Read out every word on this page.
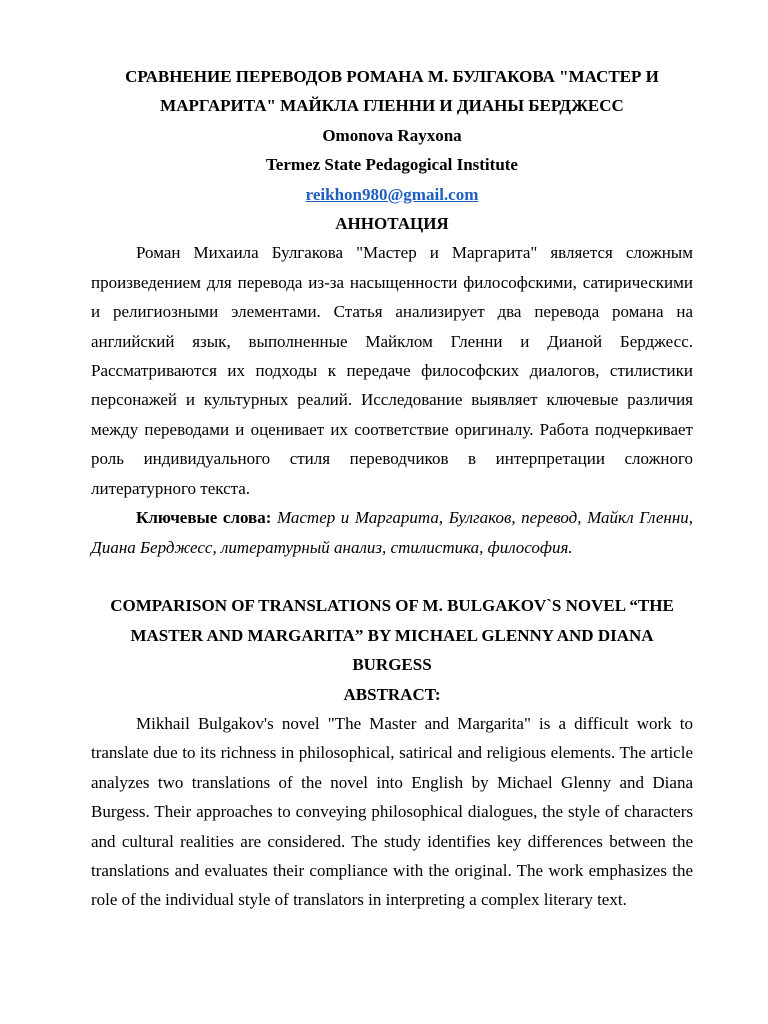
СРАВНЕНИЕ ПЕРЕВОДОВ РОМАНА М. БУЛГАКОВА "МАСТЕР И МАРГАРИТА" МАЙКЛА ГЛЕННИ И ДИАНЫ БЕРДЖЕСС

Omonova Rayxona

Termez State Pedagogical Institute

reikhon980@gmail.com

АННОТАЦИЯ

Роман Михаила Булгакова "Мастер и Маргарита" является сложным произведением для перевода из-за насыщенности философскими, сатирическими и религиозными элементами. Статья анализирует два перевода романа на английский язык, выполненные Майклом Гленни и Дианой Берджесс. Рассматриваются их подходы к передаче философских диалогов, стилистики персонажей и культурных реалий. Исследование выявляет ключевые различия между переводами и оценивает их соответствие оригиналу. Работа подчеркивает роль индивидуального стиля переводчиков в интерпретации сложного литературного текста.

Ключевые слова: Мастер и Маргарита, Булгаков, перевод, Майкл Гленни, Диана Берджесс, литературный анализ, стилистика, философия.

COMPARISON OF TRANSLATIONS OF M. BULGAKOV`S NOVEL “THE MASTER AND MARGARITA” BY MICHAEL GLENNY AND DIANA BURGESS

ABSTRACT:

Mikhail Bulgakov's novel "The Master and Margarita" is a difficult work to translate due to its richness in philosophical, satirical and religious elements. The article analyzes two translations of the novel into English by Michael Glenny and Diana Burgess. Their approaches to conveying philosophical dialogues, the style of characters and cultural realities are considered. The study identifies key differences between the translations and evaluates their compliance with the original. The work emphasizes the role of the individual style of translators in interpreting a complex literary text.
